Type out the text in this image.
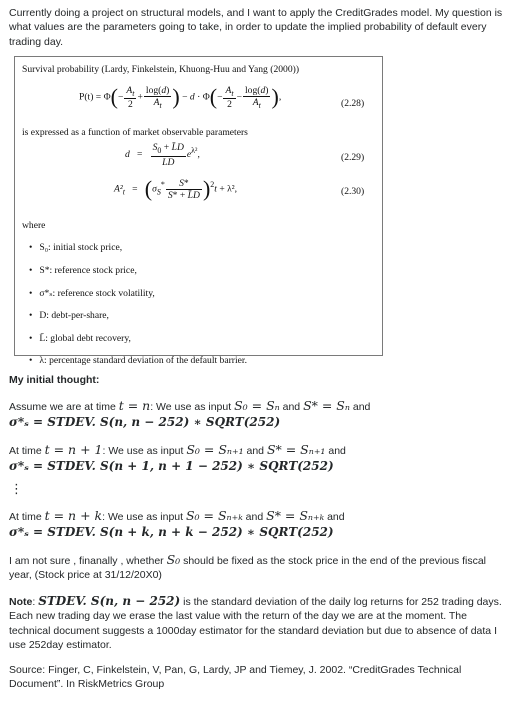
Currently doing a project on structural models, and I want to apply the CreditGrades model. My question is what values are the parameters going to take, in order to update the implied probability of default every trading day.

Survival probability (Lardy, Finkelstein, Khuong-Huu and Yang (2000))
$P(t) = \Phi(- \frac{A_t}{2} + \frac{\log(d)}{A_t}$ ) − $d \cdot \Phi(- \frac{A_t}{2} - \frac{\log(d)}{A_t}$ ),
(2.28)
is expressed as a function of market observable parameters
$d = \frac{S_0 + L̄D}{LD} e^{\lambda^2}$,	(2.29)
$A^2_t = (\sigma_S^* \frac{S*}{S* + L̄D} )^2t + \lambda^2$,	(2.30)
where
• S₀: initial stock price,
• S*: reference stock price,
• σ*ₛ: reference stock volatility,
• D: debt-per-share,
• L̄: global debt recovery,
• λ: percentage standard deviation of the default barrier.

My initial thought:

Assume we are at time t = n: We use as input S₀ = Sₙ and S* = Sₙ and
σ*ₛ = STDEV. S(n, n − 252) ∗ SQRT(252)

At time t = n + 1: We use as input S₀ = Sₙ₊₁ and S* = Sₙ₊₁ and
σ*ₛ = STDEV. S(n + 1, n + 1 − 252) ∗ SQRT(252)

⋮

At time t = n + k: We use as input S₀ = Sₙ₊ₖ and S* = Sₙ₊ₖ and
σ*ₛ = STDEV. S(n + k, n + k − 252) ∗ SQRT(252)

I am not sure , finanally , whether S₀ should be fixed as the stock price in the end of the previous fiscal year, (Stock price at 31/12/20X0)

Note: STDEV. S(n, n − 252) is the standard deviation of the daily log returns for 252 trading days. Each new trading day we erase the last value with the return of the day we are at the moment. The technical document suggests a 1000day estimator for the standard deviation but due to absence of data I use 252day estimator.

Source: Finger, C, Finkelstein, V, Pan, G, Lardy, JP and Tiemey, J. 2002. “CreditGrades Technical Document”. In RiskMetrics Group
